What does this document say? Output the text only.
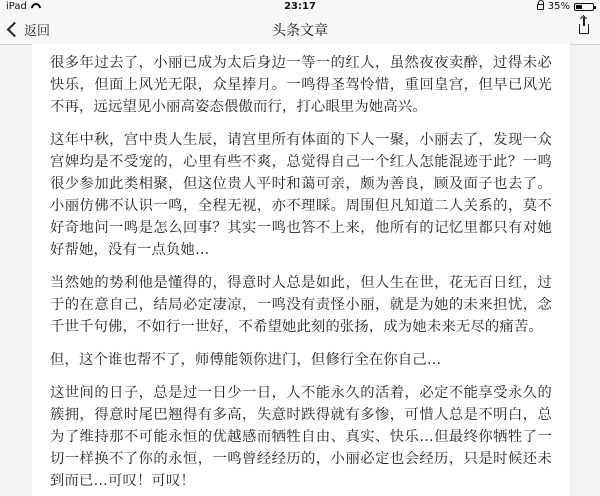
iPad	23:17	35%
返回	头条文章

很多年过去了，小丽已成为太后身边一等一的红人，虽然夜夜卖醉，过得未必快乐，但面上风光无限，众星捧月。一鸣得圣驾怜惜，重回皇宫，但早已风光不再，远远望见小丽高姿态偎傲而行，打心眼里为她高兴。

这年中秋，宫中贵人生辰，请宫里所有体面的下人一聚，小丽去了，发现一众宫婢均是不受宠的，心里有些不爽，总觉得自己一个红人怎能混迹于此？一鸣很少参加此类相聚，但这位贵人平时和蔼可亲，颇为善良，顾及面子也去了。小丽仿佛不认识一鸣，全程无视，亦不理睬。周围但凡知道二人关系的，莫不好奇地问一鸣是怎么回事？其实一鸣也答不上来，他所有的记忆里都只有对她好帮她，没有一点负她…

当然她的势利他是懂得的，得意时人总是如此，但人生在世，花无百日红，过于的在意自己，结局必定凄凉，一鸣没有责怪小丽，就是为她的未来担忧，念千世千句佛，不如行一世好，不希望她此刻的张扬，成为她未来无尽的痛苦。

但，这个谁也帮不了，师傅能领你进门，但修行全在你自己…

这世间的日子，总是过一日少一日，人不能永久的活着，必定不能享受永久的簇拥，得意时尾巴翘得有多高，失意时跌得就有多惨，可惜人总是不明白，总为了维持那不可能永恒的优越感而牺牲自由、真实、快乐…但最终你牺牲了一切一样换不了你的永恒，一鸣曾经经历的，小丽必定也会经历，只是时候还未到而已…可叹！可叹！
